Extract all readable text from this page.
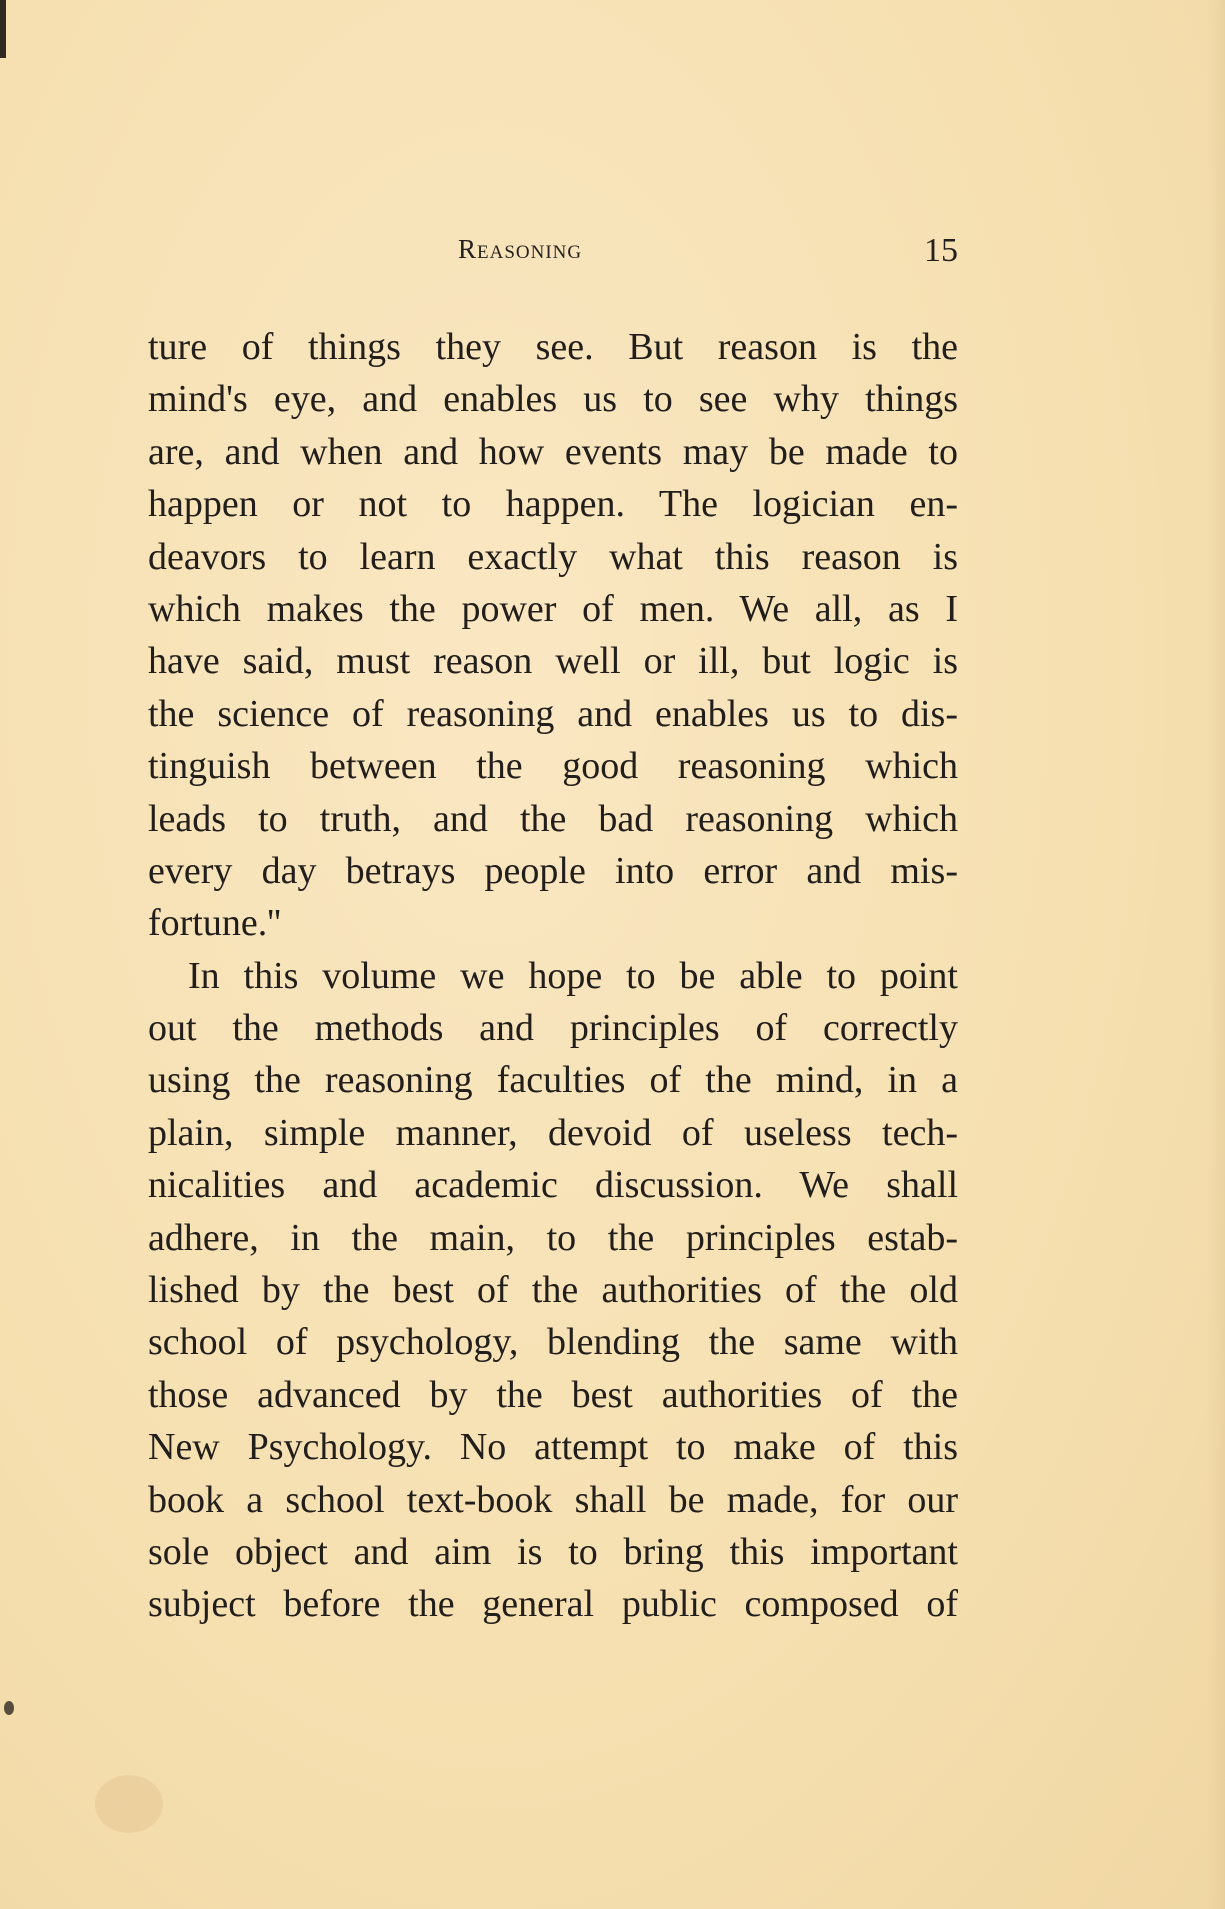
Reasoning	15
ture of things they see. But reason is the
mind's eye, and enables us to see why things
are, and when and how events may be made to
happen or not to happen. The logician en-
deavors to learn exactly what this reason is
which makes the power of men. We all, as I
have said, must reason well or ill, but logic is
the science of reasoning and enables us to dis-
tinguish between the good reasoning which
leads to truth, and the bad reasoning which
every day betrays people into error and mis-
fortune.''
In this volume we hope to be able to point
out the methods and principles of correctly
using the reasoning faculties of the mind, in a
plain, simple manner, devoid of useless tech-
nicalities and academic discussion. We shall
adhere, in the main, to the principles estab-
lished by the best of the authorities of the old
school of psychology, blending the same with
those advanced by the best authorities of the
New Psychology. No attempt to make of this
book a school text-book shall be made, for our
sole object and aim is to bring this important
subject before the general public composed of
